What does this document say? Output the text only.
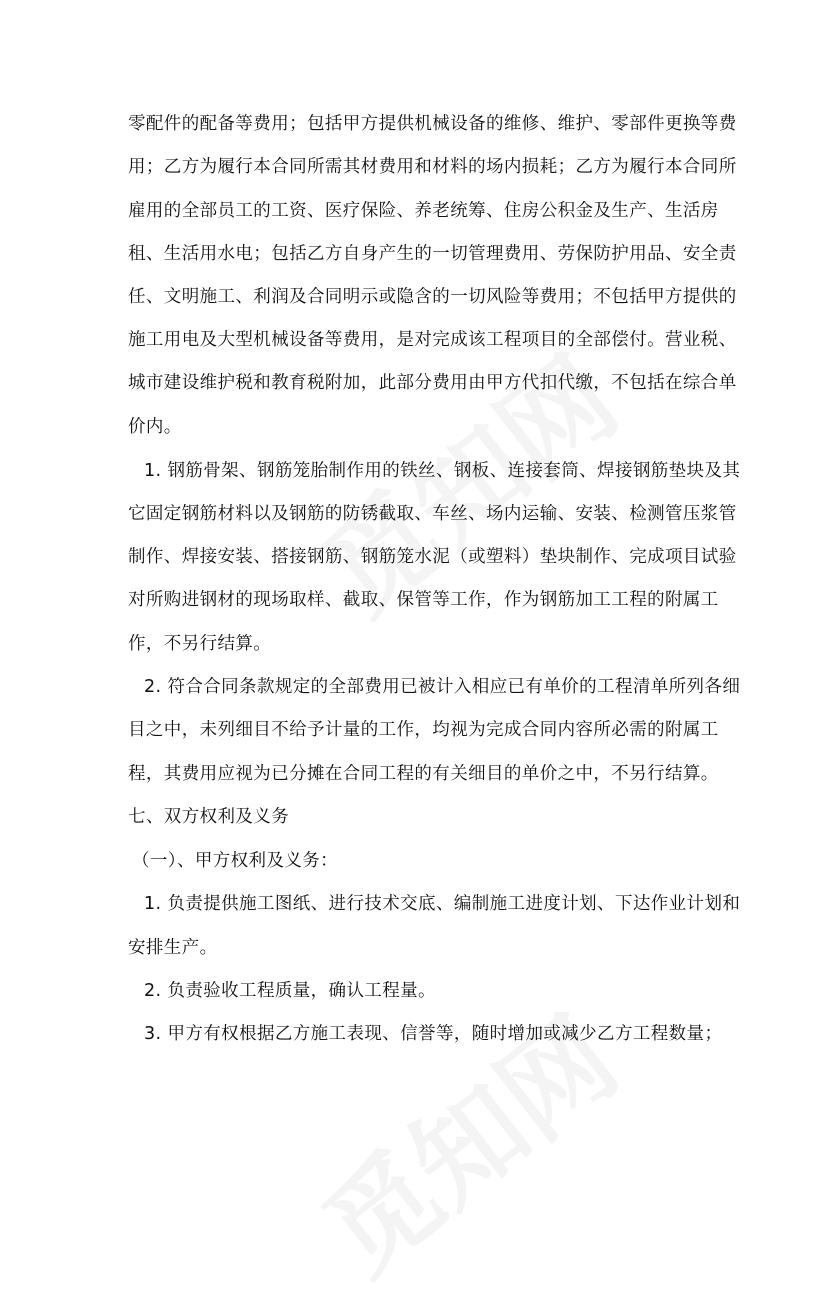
零配件的配备等费用；包括甲方提供机械设备的维修、维护、零部件更换等费
用；乙方为履行本合同所需其材费用和材料的场内损耗；乙方为履行本合同所
雇用的全部员工的工资、医疗保险、养老统筹、住房公积金及生产、生活房
租、生活用水电；包括乙方自身产生的一切管理费用、劳保防护用品、安全责
任、文明施工、利润及合同明示或隐含的一切风险等费用；不包括甲方提供的
施工用电及大型机械设备等费用，是对完成该工程项目的全部偿付。营业税、
城市建设维护税和教育税附加，此部分费用由甲方代扣代缴，不包括在综合单
价内。
1. 钢筋骨架、钢筋笼胎制作用的铁丝、钢板、连接套筒、焊接钢筋垫块及其
它固定钢筋材料以及钢筋的防锈截取、车丝、场内运输、安装、检测管压浆管
制作、焊接安装、搭接钢筋、钢筋笼水泥（或塑料）垫块制作、完成项目试验
对所购进钢材的现场取样、截取、保管等工作，作为钢筋加工工程的附属工
作，不另行结算。
2. 符合合同条款规定的全部费用已被计入相应已有单价的工程清单所列各细
目之中，未列细目不给予计量的工作，均视为完成合同内容所必需的附属工
程，其费用应视为已分摊在合同工程的有关细目的单价之中，不另行结算。
七、双方权利及义务
（一）、甲方权利及义务：
1. 负责提供施工图纸、进行技术交底、编制施工进度计划、下达作业计划和
安排生产。
2. 负责验收工程质量，确认工程量。
3. 甲方有权根据乙方施工表现、信誉等，随时增加或减少乙方工程数量；
